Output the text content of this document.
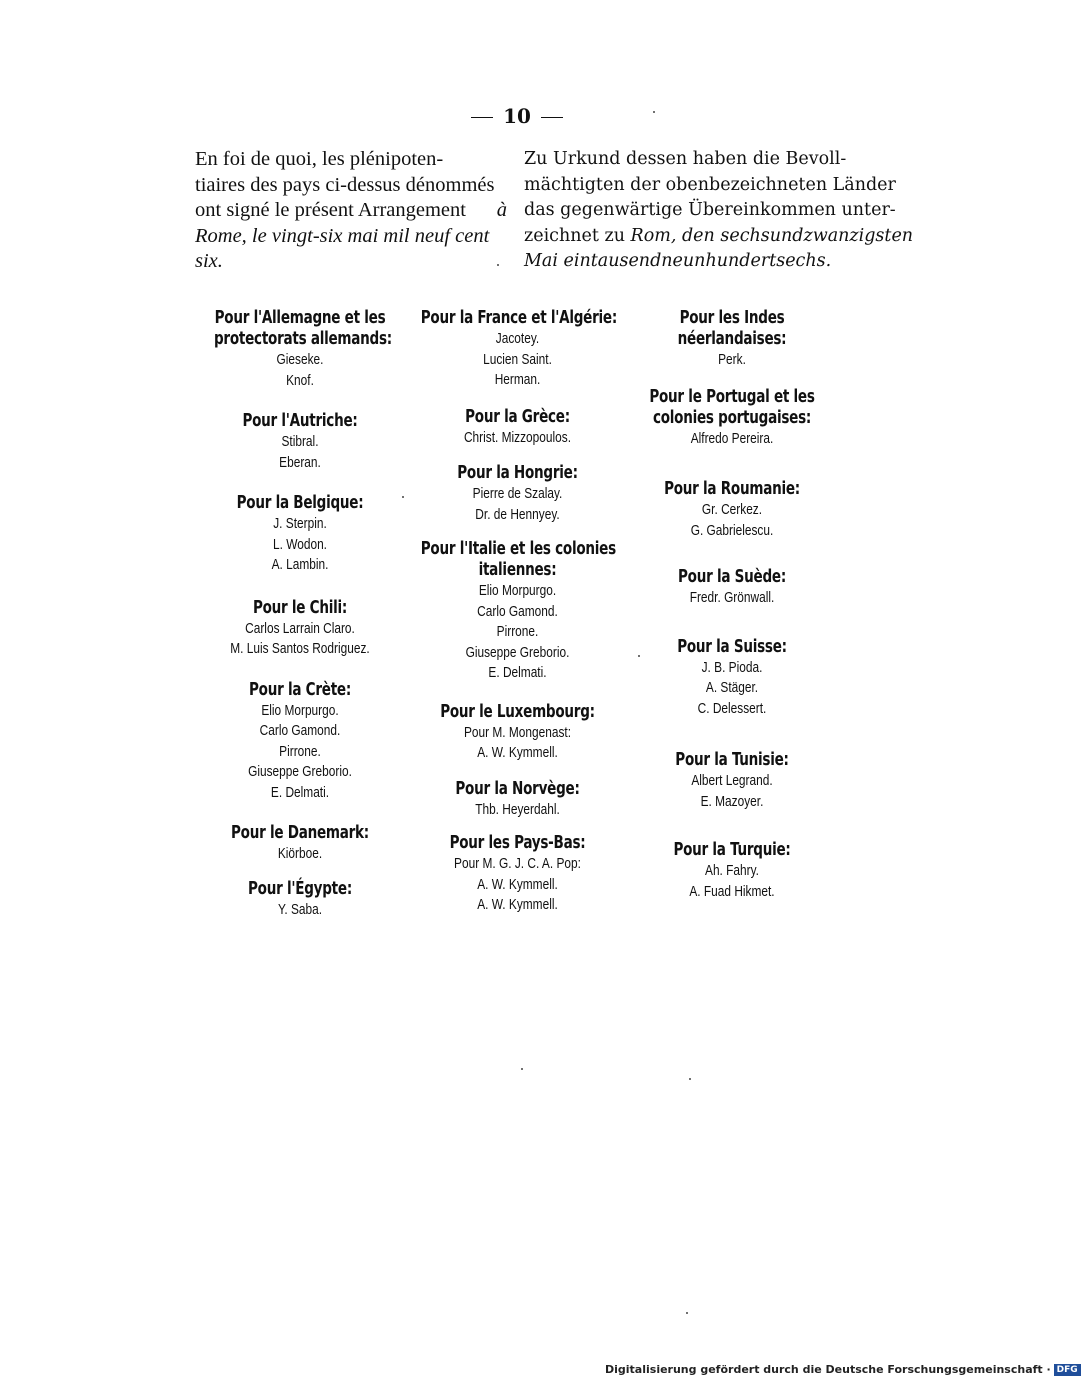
10
En foi de quoi, les plénipoten-
tiaires des pays ci-dessus dénommés
ont signé le présent Arrangement à
Rome, le vingt-six mai mil neuf cent
six.
Zu Urkund dessen haben die Bevoll-
mächtigten der obenbezeichneten Länder
das gegenwärtige Übereinkommen unter-
zeichnet zu Rom, den sechsundzwanzigsten
Mai eintausendneunhundertsechs.
Pour l'Allemagne et les
protectorats allemands:
Gieseke.
Knof.
Pour l'Autriche:
Stibral.
Eberan.
Pour la Belgique:
J. Sterpin.
L. Wodon.
A. Lambin.
Pour le Chili:
Carlos Larrain Claro.
M. Luis Santos Rodriguez.
Pour la Crète:
Elio Morpurgo.
Carlo Gamond.
Pirrone.
Giuseppe Greborio.
E. Delmati.
Pour le Danemark:
Kiörboe.
Pour l'Égypte:
Y. Saba.
Pour la France et l'Algérie:
Jacotey.
Lucien Saint.
Herman.
Pour la Grèce:
Christ. Mizzopoulos.
Pour la Hongrie:
Pierre de Szalay.
Dr. de Hennyey.
Pour l'Italie et les colonies
italiennes:
Elio Morpurgo.
Carlo Gamond.
Pirrone.
Giuseppe Greborio.
E. Delmati.
Pour le Luxembourg:
Pour M. Mongenast:
A. W. Kymmell.
Pour la Norvège:
Thb. Heyerdahl.
Pour les Pays-Bas:
Pour M. G. J. C. A. Pop:
A. W. Kymmell.
A. W. Kymmell.
Pour les Indes
néerlandaises:
Perk.
Pour le Portugal et les
colonies portugaises:
Alfredo Pereira.
Pour la Roumanie:
Gr. Cerkez.
G. Gabrielescu.
Pour la Suède:
Fredr. Grönwall.
Pour la Suisse:
J. B. Pioda.
A. Stäger.
C. Delessert.
Pour la Tunisie:
Albert Legrand.
E. Mazoyer.
Pour la Turquie:
Ah. Fahry.
A. Fuad Hikmet.
Digitalisierung gefördert durch die Deutsche Forschungsgemeinschaft · DFG
